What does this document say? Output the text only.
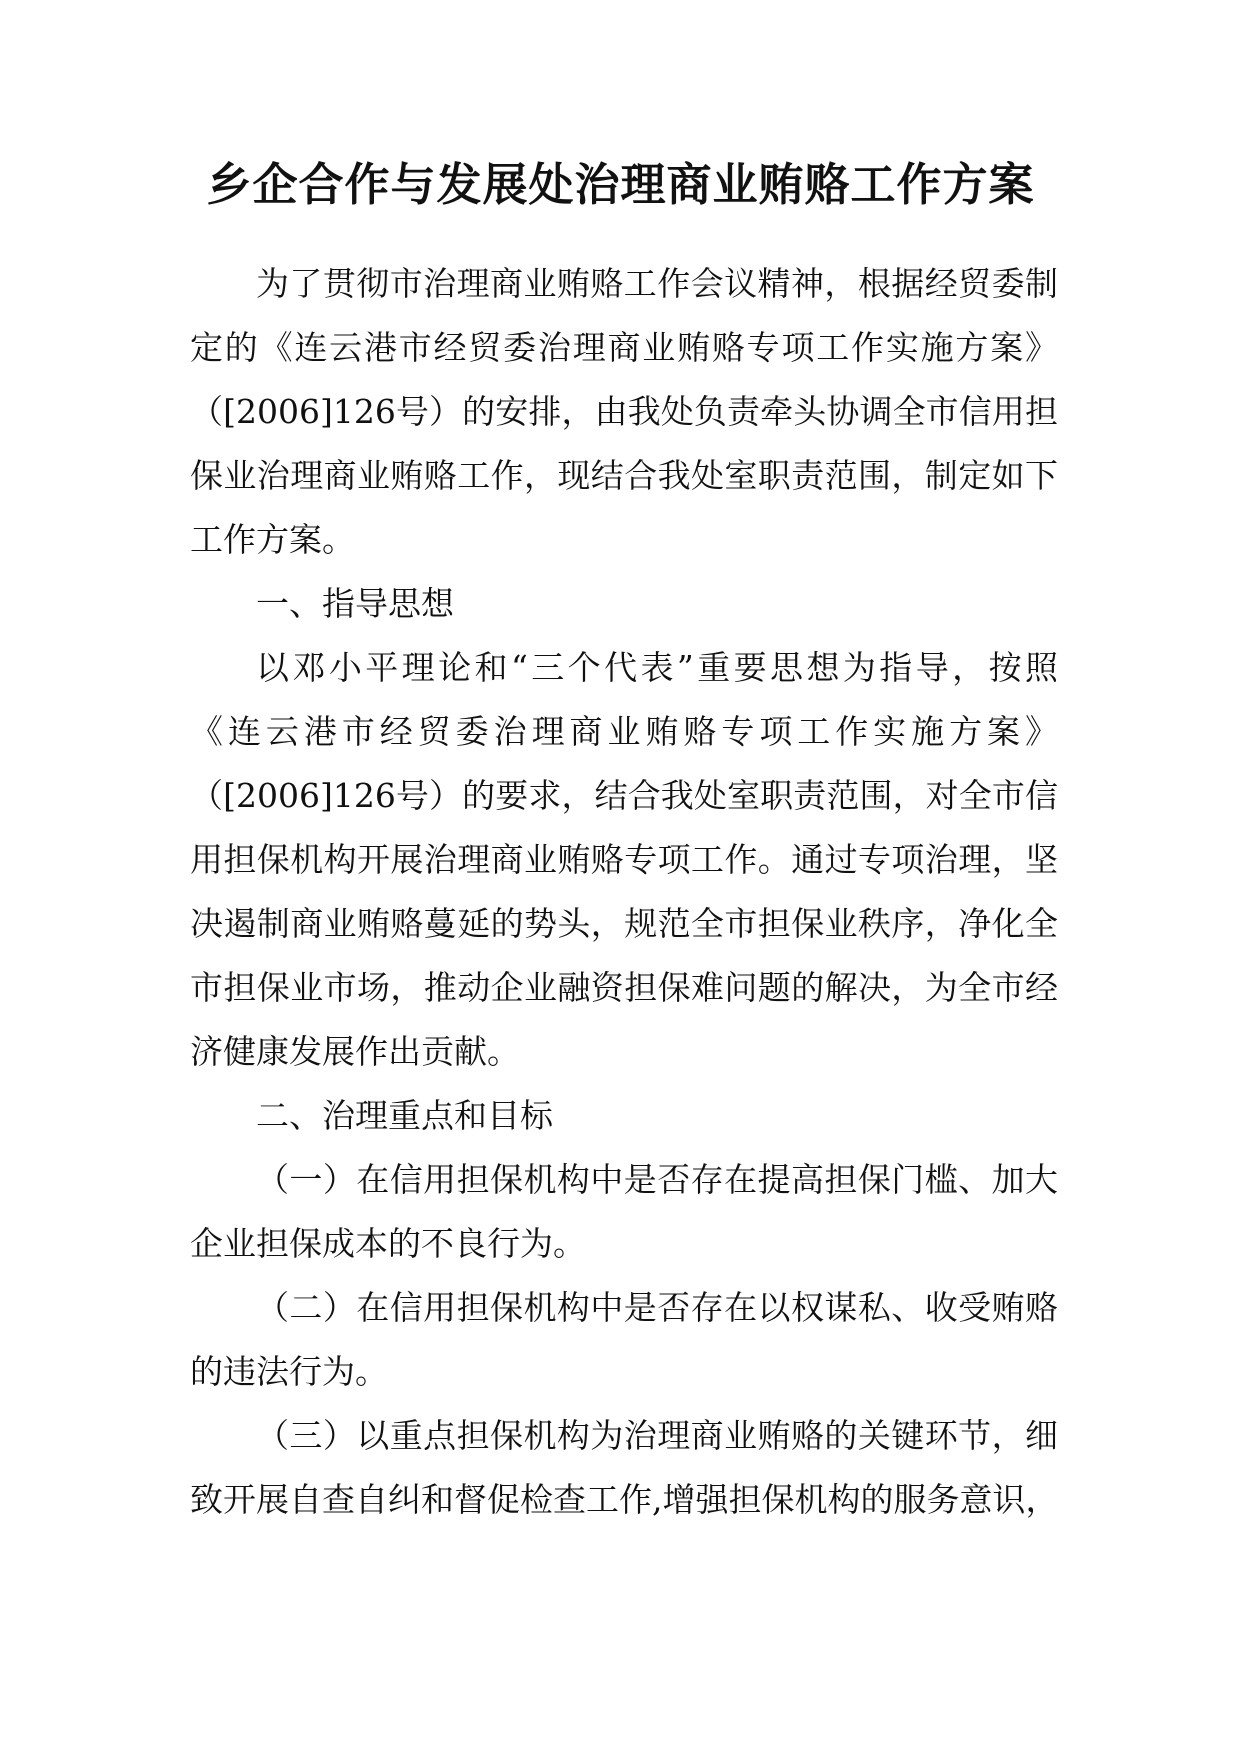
乡企合作与发展处治理商业贿赂工作方案
为了贯彻市治理商业贿赂工作会议精神，根据经贸委制
定的《连云港市经贸委治理商业贿赂专项工作实施方案》
（[2006]126号）的安排，由我处负责牵头协调全市信用担
保业治理商业贿赂工作，现结合我处室职责范围，制定如下
工作方案。
一、指导思想
以邓小平理论和“三个代表”重要思想为指导，按照
《连云港市经贸委治理商业贿赂专项工作实施方案》
（[2006]126号）的要求，结合我处室职责范围，对全市信
用担保机构开展治理商业贿赂专项工作。通过专项治理，坚
决遏制商业贿赂蔓延的势头，规范全市担保业秩序，净化全
市担保业市场，推动企业融资担保难问题的解决，为全市经
济健康发展作出贡献。
二、治理重点和目标
（一）在信用担保机构中是否存在提高担保门槛、加大
企业担保成本的不良行为。
（二）在信用担保机构中是否存在以权谋私、收受贿赂
的违法行为。
（三）以重点担保机构为治理商业贿赂的关键环节，细
致开展自查自纠和督促检查工作,增强担保机构的服务意识，
